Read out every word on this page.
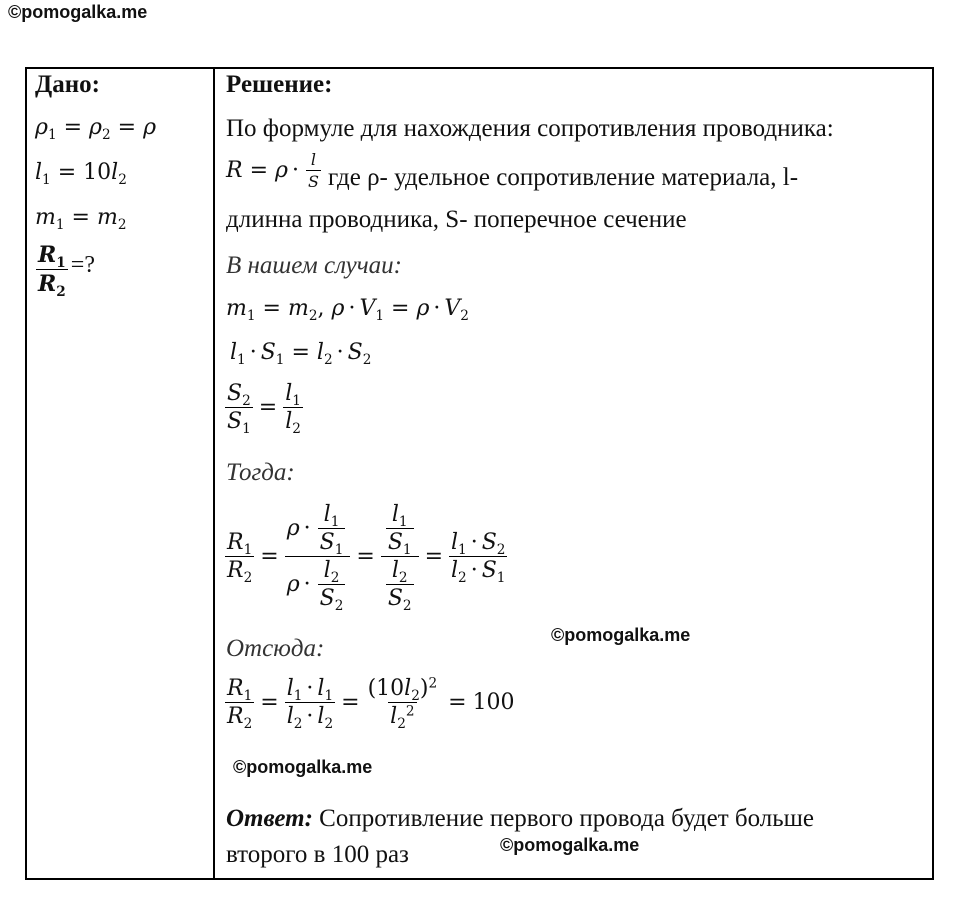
©pomogalka.me
Дано:
$\rho_1 = \rho_2 = \rho$
$l_1 = 10l_2$
$m_1 = m_2$
$\frac{R_1}{R_2}$ =?
Решение:
По формуле для нахождения сопротивления проводника:
$R = \rho \cdot \frac{l}{S}$ где ρ- удельное сопротивление материала, l-
длинна проводника, S- поперечное сечение
В нашем случаи:
$m_1 = m_2$ , $\rho \cdot V_1 = \rho \cdot V_2$
$l_1 \cdot S_1 = l_2 \cdot S_2$
$\frac{S_2}{S_1} = \frac{l_1}{l_2}$
Тогда:
$\frac{R_1}{R_2} = \frac{\rho \cdot \frac{l_1}{S_1}}{\rho \cdot \frac{l_2}{S_2}} = \frac{\frac{l_1}{S_1}}{\frac{l_2}{S_2}} = \frac{l_1 \cdot S_2}{l_2 \cdot S_1}$
©pomogalka.me
Отсюда:
$\frac{R_1}{R_2} = \frac{l_1 \cdot l_1}{l_2 \cdot l_2} = \frac{(10l_2)^2}{l_2^2} = 100$
©pomogalka.me
Ответ: Сопротивление первого провода будет больше
второго в 100 раз	©pomogalka.me
